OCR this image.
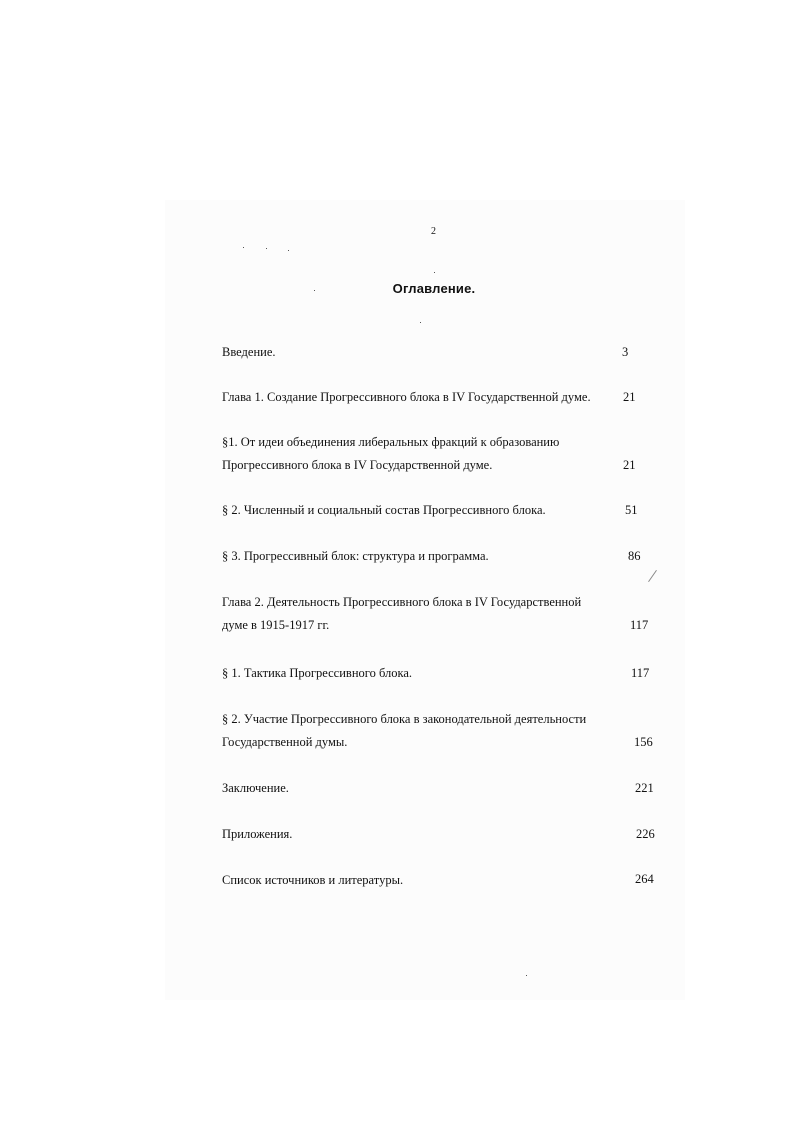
2
Оглавление.
Введение.	3
Глава 1. Создание Прогрессивного блока в IV Государственной думе.	21
§1. От идеи объединения либеральных фракций к образованию
Прогрессивного блока в IV Государственной думе.	21
§ 2. Численный и социальный состав Прогрессивного блока.	51
§ 3. Прогрессивный блок: структура и программа.	86
Глава 2. Деятельность Прогрессивного блока в IV Государственной
думе в 1915-1917 гг.	117
§ 1. Тактика Прогрессивного блока.	117
§ 2. Участие Прогрессивного блока в законодательной деятельности
Государственной думы.	156
Заключение.	221
Приложения.	226
Список источников и литературы.	264
